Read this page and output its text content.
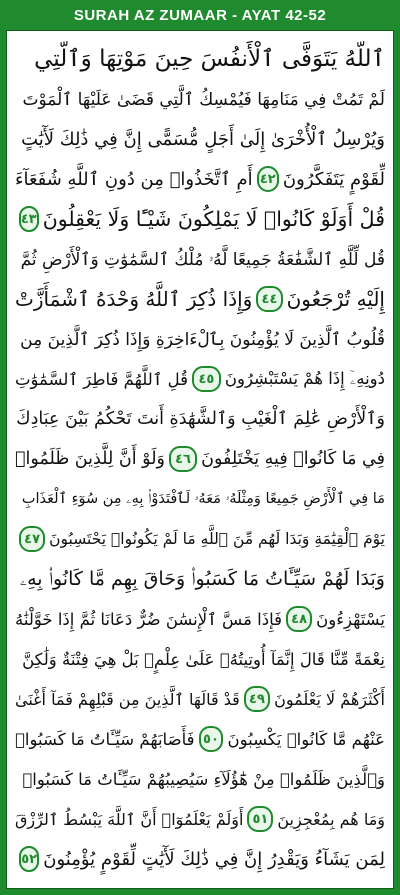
SURAH AZ ZUMAAR - AYAT 42-52
ٱللَّهُ يَتَوَفَّى ٱلْأَنفُسَ حِينَ مَوْتِهَا وَٱلَّتِي
لَمْ تَمُتْ فِي مَنَامِهَا فَيُمْسِكُ ٱلَّتِي قَضَىٰ عَلَيْهَا ٱلْمَوْتَ
وَيُرْسِلُ ٱلْأُخْرَىٰ إِلَىٰ أَجَلٍ مُّسَمًّى إِنَّ فِي ذَٰلِكَ لَأٓيَٰتٍ
لِّقَوْمٍ يَتَفَكَّرُونَ
٤٢
أَمِ ٱتَّخَذُوا۟ مِن دُونِ ٱللَّهِ شُفَعَآءَ
قُلْ أَوَلَوْ كَانُوا۟ لَا يَمْلِكُونَ شَيْـًٔا وَلَا يَعْقِلُونَ
٤٣
قُل لِّلَّهِ ٱلشَّفَٰعَةُ جَمِيعًا لَّهُۥ مُلْكُ ٱلسَّمَٰوَٰتِ وَٱلْأَرْضِ ثُمَّ
إِلَيْهِ تُرْجَعُونَ
٤٤
وَإِذَا ذُكِرَ ٱللَّهُ وَحْدَهُ ٱشْمَأَزَّتْ
قُلُوبُ ٱلَّذِينَ لَا يُؤْمِنُونَ بِٱلْءَاخِرَةِ وَإِذَا ذُكِرَ ٱلَّذِينَ مِن
دُونِهِۦٓ إِذَا هُمْ يَسْتَبْشِرُونَ
٤٥
قُلِ ٱللَّهُمَّ فَاطِرَ ٱلسَّمَٰوَٰتِ
وَٱلْأَرْضِ عَٰلِمَ ٱلْغَيْبِ وَٱلشَّهَٰدَةِ أَنتَ تَحْكُمُ بَيْنَ عِبَادِكَ
فِي مَا كَانُوا۟ فِيهِ يَخْتَلِفُونَ
٤٦
وَلَوْ أَنَّ لِلَّذِينَ ظَلَمُوا۟
مَا فِي ٱلْأَرْضِ جَمِيعًا وَمِثْلَهُۥ مَعَهُۥ لَٱفْتَدَوْا۟ بِهِۦ مِن سُوٓءِ ٱلْعَذَابِ
يَوْمَ ٱلْقِيَٰمَةِ وَبَدَا لَهُم مِّنَ ٱللَّهِ مَا لَمْ يَكُونُوا۟ يَحْتَسِبُونَ
٤٧
وَبَدَا لَهُمْ سَيِّـَٔاتُ مَا كَسَبُوا۟ وَحَاقَ بِهِم مَّا كَانُوا۟ بِهِۦ
يَسْتَهْزِءُونَ
٤٨
فَإِذَا مَسَّ ٱلْإِنسَٰنَ ضُرٌّ دَعَانَا ثُمَّ إِذَا خَوَّلْنَٰهُ
نِعْمَةً مِّنَّا قَالَ إِنَّمَآ أُوتِيتُهُۥ عَلَىٰ عِلْمٍۭ بَلْ هِيَ فِتْنَةٌ وَلَٰكِنَّ
أَكْثَرَهُمْ لَا يَعْلَمُونَ
٤٩
قَدْ قَالَهَا ٱلَّذِينَ مِن قَبْلِهِمْ فَمَآ أَغْنَىٰ
عَنْهُم مَّا كَانُوا۟ يَكْسِبُونَ
٥٠
فَأَصَابَهُمْ سَيِّـَٔاتُ مَا كَسَبُوا۟
وَٱلَّذِينَ ظَلَمُوا۟ مِنْ هَٰٓؤُلَآءِ سَيُصِيبُهُمْ سَيِّـَٔاتُ مَا كَسَبُوا۟
وَمَا هُم بِمُعْجِزِينَ
٥١
أَوَلَمْ يَعْلَمُوٓا۟ أَنَّ ٱللَّهَ يَبْسُطُ ٱلرِّزْقَ
لِمَن يَشَآءُ وَيَقْدِرُ إِنَّ فِي ذَٰلِكَ لَأٓيَٰتٍ لِّقَوْمٍ يُؤْمِنُونَ
٥٢
